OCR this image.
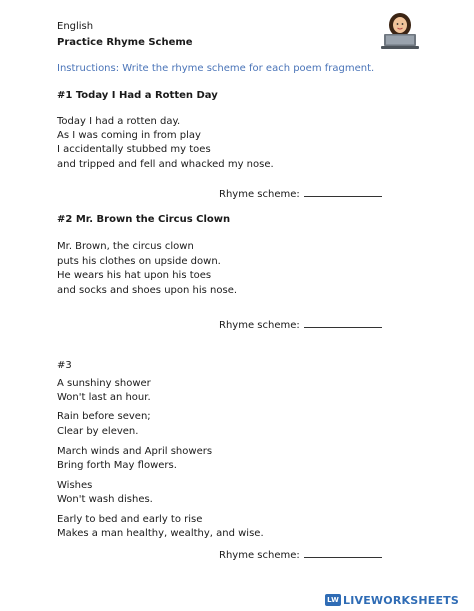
English
Practice Rhyme Scheme
Instructions: Write the rhyme scheme for each poem fragment.
#1 Today I Had a Rotten Day
Today I had a rotten day.
As I was coming in from play
I accidentally stubbed my toes
and tripped and fell and whacked my nose.
Rhyme scheme:
#2 Mr. Brown the Circus Clown
Mr. Brown, the circus clown
puts his clothes on upside down.
He wears his hat upon his toes
and socks and shoes upon his nose.
Rhyme scheme:
#3
A sunshiny shower
Won't last an hour.
Rain before seven;
Clear by eleven.
March winds and April showers
Bring forth May flowers.
Wishes
Won't wash dishes.
Early to bed and early to rise
Makes a man healthy, wealthy, and wise.
Rhyme scheme:
LW LIVEWORKSHEETS
